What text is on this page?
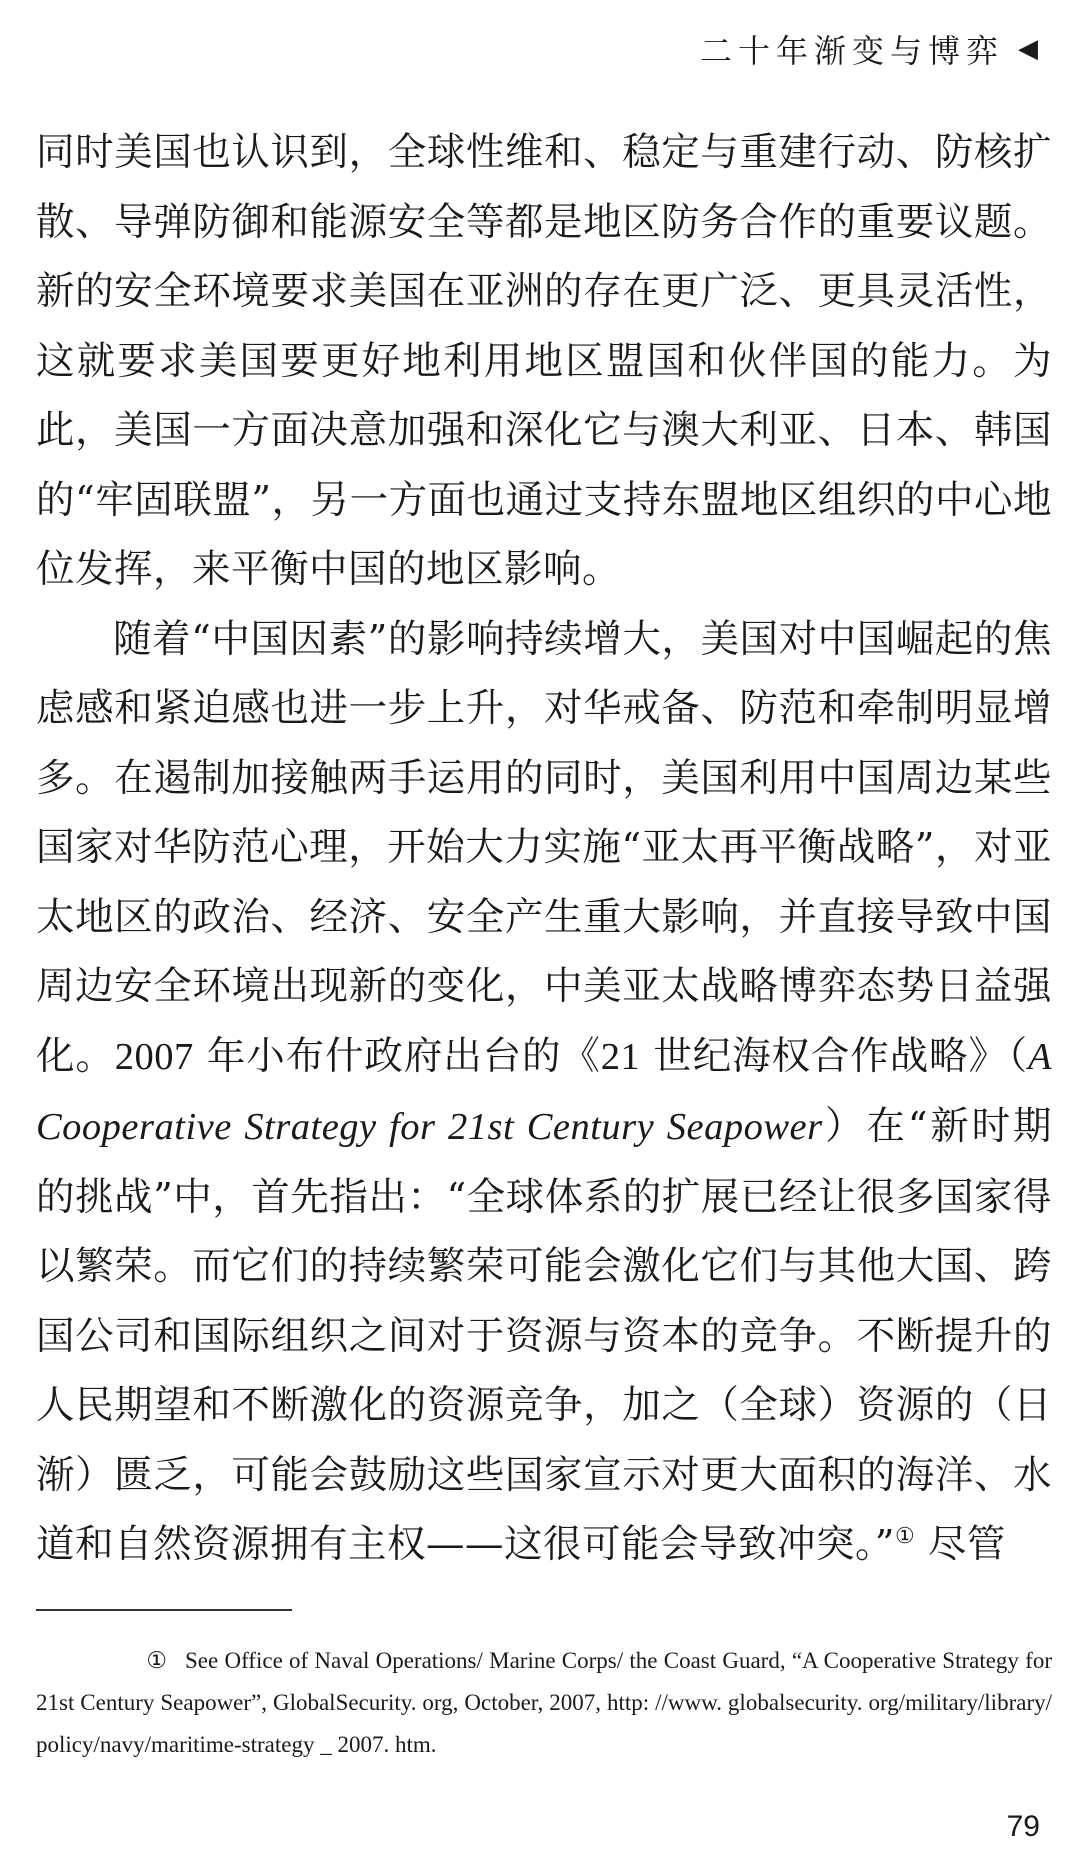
二十年渐变与博弈 ◀

同时美国也认识到，全球性维和、稳定与重建行动、防核扩散、导弹防御和能源安全等都是地区防务合作的重要议题。新的安全环境要求美国在亚洲的存在更广泛、更具灵活性，这就要求美国要更好地利用地区盟国和伙伴国的能力。为此，美国一方面决意加强和深化它与澳大利亚、日本、韩国的“牢固联盟”，另一方面也通过支持东盟地区组织的中心地位发挥，来平衡中国的地区影响。

随着“中国因素”的影响持续增大，美国对中国崛起的焦虑感和紧迫感也进一步上升，对华戒备、防范和牵制明显增多。在遏制加接触两手运用的同时，美国利用中国周边某些国家对华防范心理，开始大力实施“亚太再平衡战略”，对亚太地区的政治、经济、安全产生重大影响，并直接导致中国周边安全环境出现新的变化，中美亚太战略博弈态势日益强化。2007 年小布什政府出台的《21 世纪海权合作战略》（A Cooperative Strategy for 21st Century Seapower）在“新时期的挑战”中，首先指出：“全球体系的扩展已经让很多国家得以繁荣。而它们的持续繁荣可能会激化它们与其他大国、跨国公司和国际组织之间对于资源与资本的竞争。不断提升的人民期望和不断激化的资源竞争，加之（全球）资源的（日渐）匮乏，可能会鼓励这些国家宣示对更大面积的海洋、水道和自然资源拥有主权——这很可能会导致冲突。”① 尽管

① See Office of Naval Operations/ Marine Corps/ the Coast Guard, “A Cooperative Strategy for 21st Century Seapower”, GlobalSecurity. org, October, 2007, http: //www. globalsecurity. org/military/library/policy/navy/maritime-strategy _ 2007. htm.
79
